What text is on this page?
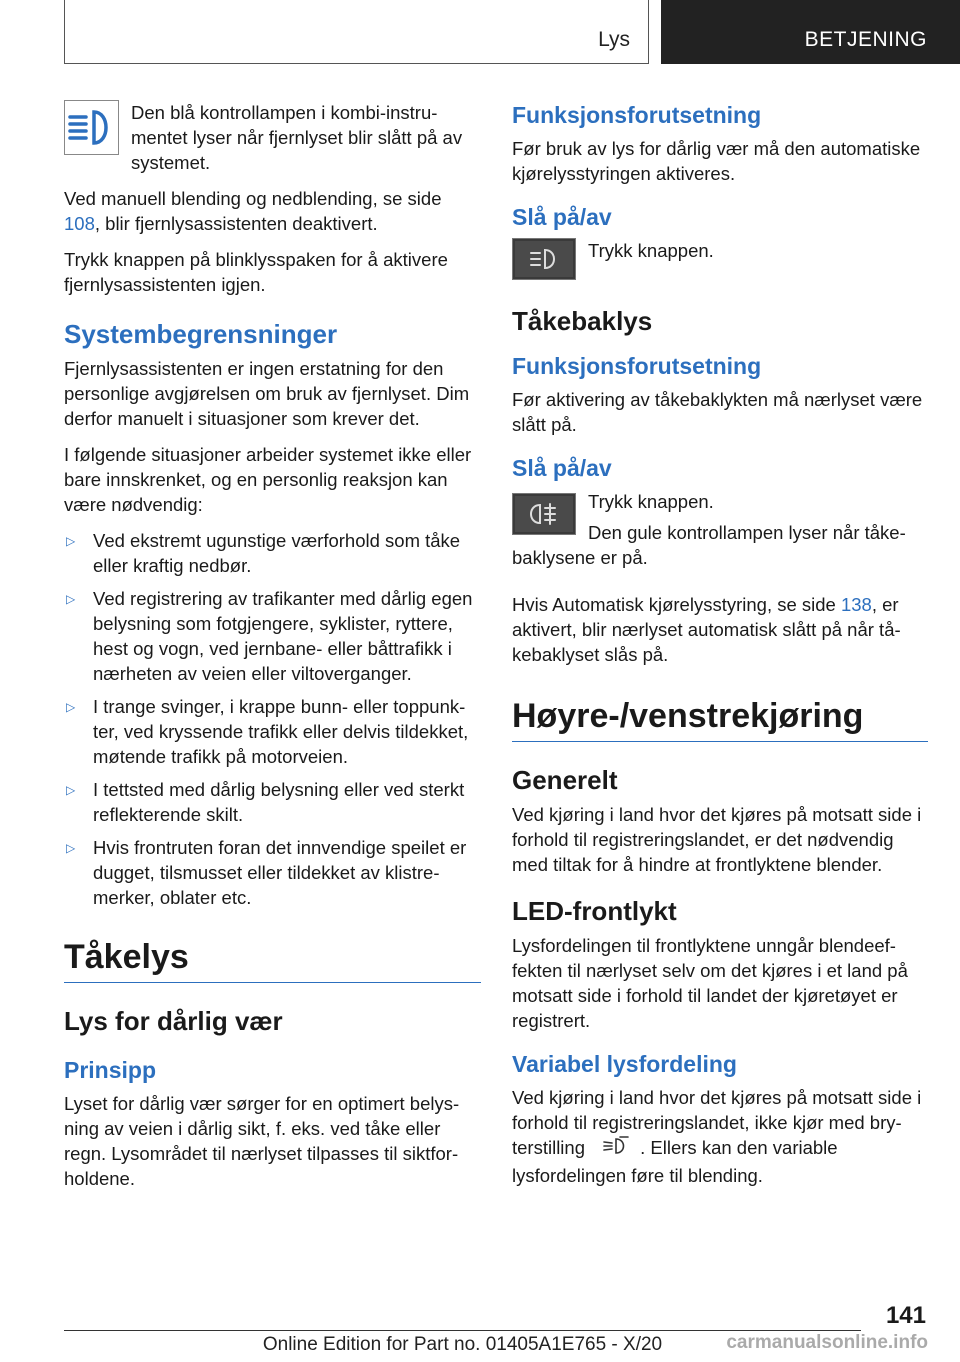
Lys	BETJENING

Den blå kontrollampen i kombi-instrumentet lyser når fjernlyset blir slått på av systemet.

Ved manuell blending og nedblending, se side 108, blir fjernlysassistenten deaktivert.

Trykk knappen på blinklysspaken for å aktivere fjernlysassistenten igjen.

Systembegrensninger

Fjernlysassistenten er ingen erstatning for den personlige avgjørelsen om bruk av fjernlyset. Dim derfor manuelt i situasjoner som krever det.

I følgende situasjoner arbeider systemet ikke eller bare innskrenket, og en personlig reaksjon kan være nødvendig:

▷ Ved ekstremt ugunstige værforhold som tåke eller kraftig nedbør.
▷ Ved registrering av trafikanter med dårlig egen belysning som fotgjengere, syklister, ryttere, hest og vogn, ved jernbane- eller båttrafikk i nærheten av veien eller viltoverganger.
▷ I trange svinger, i krappe bunn- eller toppunkter, ved kryssende trafikk eller delvis tildekket, møtende trafikk på motorveien.
▷ I tettsted med dårlig belysning eller ved sterkt reflekterende skilt.
▷ Hvis frontruten foran det innvendige speilet er dugget, tilsmusset eller tildekket av klistremerker, oblater etc.
Tåkelys
Lys for dårlig vær
Prinsipp

Lyset for dårlig vær sørger for en optimert belysning av veien i dårlig sikt, f. eks. ved tåke eller regn. Lysområdet til nærlyset tilpasses til siktforholdene.

Funksjonsforutsetning

Før bruk av lys for dårlig vær må den automatiske kjørelysstyringen aktiveres.

Slå på/av

Trykk knappen.

Tåkebaklys
Funksjonsforutsetning

Før aktivering av tåkebaklykten må nærlyset være slått på.

Slå på/av

Trykk knappen.

Den gule kontrollampen lyser når tåkebaklysene er på.

Hvis Automatisk kjørelysstyring, se side 138, er aktivert, blir nærlyset automatisk slått på når tåkebaklyset slås på.

Høyre-/venstrekjøring
Generelt

Ved kjøring i land hvor det kjøres på motsatt side i forhold til registreringslandet, er det nødvendig med tiltak for å hindre at frontlyktene blender.

LED-frontlykt

Lysfordelingen til frontlyktene unngår blendeeffekten til nærlyset selv om det kjøres i et land på motsatt side i forhold til landet der kjøretøyet er registrert.

Variabel lysfordeling

Ved kjøring i land hvor det kjøres på motsatt side i forhold til registreringslandet, ikke kjør med bryterstilling	. Ellers kan den variable lysfordelingen føre til blending.

141
Online Edition for Part no. 01405A1E765 - X/20	carmanualsonline.info
